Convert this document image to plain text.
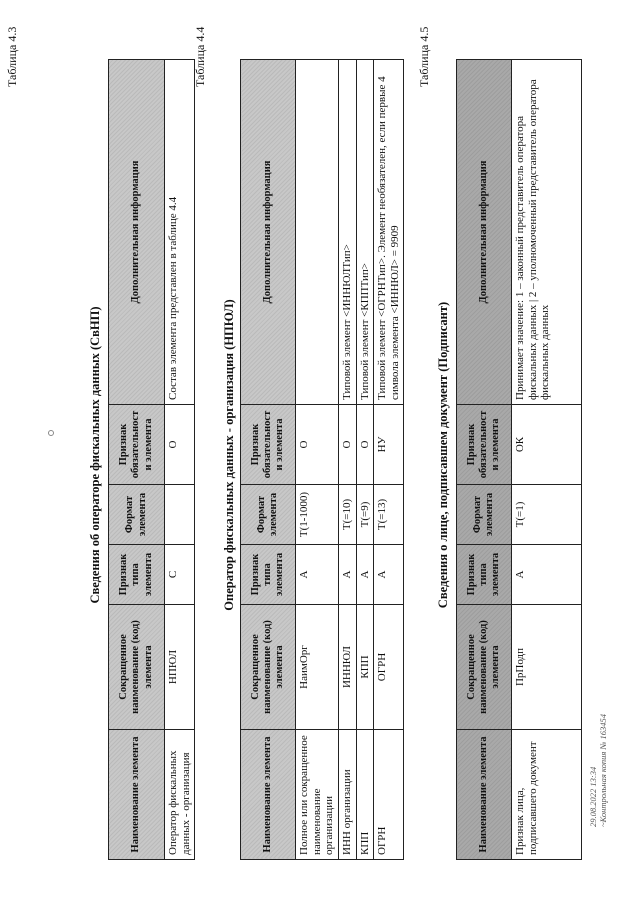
Таблица 4.3
Сведения об операторе фискальных данных (СвНП)
Наименование элемента	Сокращенное наименование (код) элемента	Признак типа элемента	Формат элемента	Признак обязательности элемента	Дополнительная информация
Оператор фискальных данных - организация	НПЮЛ	С		О	Состав элемента представлен в таблице 4.4
Таблица 4.4
Оператор фискальных данных - организация (НПЮЛ)
Наименование элемента	Сокращенное наименование (код) элемента	Признак типа элемента	Формат элемента	Признак обязательности элемента	Дополнительная информация
Полное или сокращенное наименование организации	НаимОрг	А	T(1-1000)	О	
ИНН организации	ИННЮЛ	А	T(=10)	О	Типовой элемент <ИННЮЛТип>
КПП	КПП	А	T(=9)	О	Типовой элемент <КППТип>
ОГРН	ОГРН	А	T(=13)	НУ	Типовой элемент <ОГРНТип>. Элемент необязателен, если первые 4 символа элемента <ИННЮЛ> = 9909
Таблица 4.5
Сведения о лице, подписавшем документ (Подписант)
Наименование элемента	Сокращенное наименование (код) элемента	Признак типа элемента	Формат элемента	Признак обязательности элемента	Дополнительная информация
Признак лица, подписавшего документ	ПрПодп	А	T(=1)	ОК	Принимает значение: 1 – законный представитель оператора фискальных данных | 2 – уполномоченный представитель оператора фискальных данных
29.08.2022 13:34 ~Контрольная копия № 163454
